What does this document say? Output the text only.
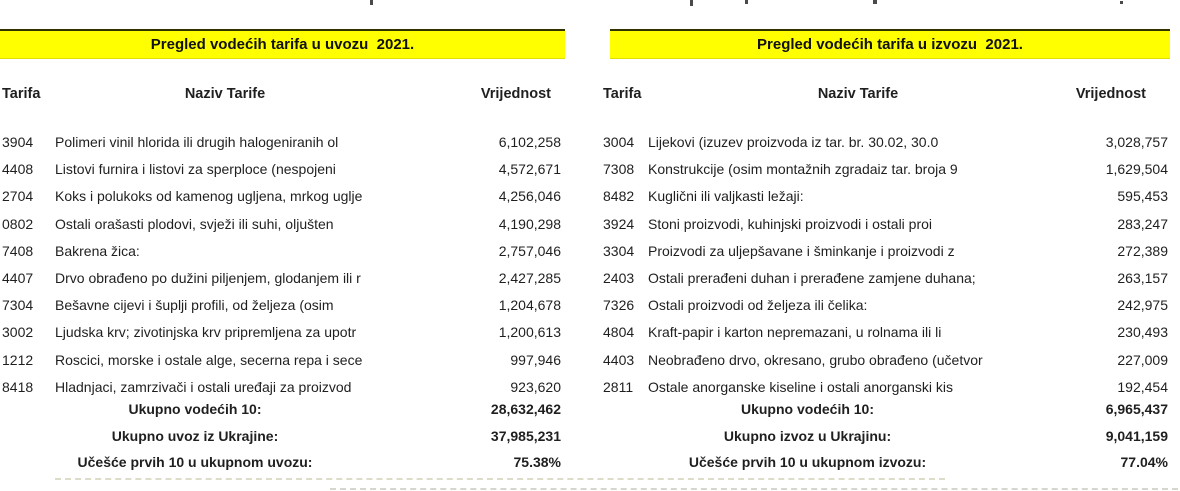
Pregled vodećih tarifa u uvozu  2021.
Tarifa	Naziv Tarife	Vrijednost
3904	Polimeri vinil hlorida ili drugih halogeniranih ol	6,102,258
4408	Listovi furnira i listovi za sperploce (nespojeni	4,572,671
2704	Koks i polukoks od kamenog ugljena, mrkog uglje	4,256,046
0802	Ostali orašasti plodovi, svježi ili suhi, oljušten	4,190,298
7408	Bakrena žica:	2,757,046
4407	Drvo obrađeno po dužini piljenjem, glodanjem ili r	2,427,285
7304	Bešavne cijevi i šuplji profili, od željeza (osim	1,204,678
3002	Ljudska krv; zivotinjska krv pripremljena za upotr	1,200,613
1212	Roscici, morske i ostale alge, secerna repa i sece	997,946
8418	Hladnjaci, zamrzivači i ostali uređaji za proizvod	923,620
Ukupno vodećih 10:	28,632,462
Ukupno uvoz iz Ukrajine:	37,985,231
Učešće prvih 10 u ukupnom uvozu:	75.38%
Pregled vodećih tarifa u izvozu  2021.
Tarifa	Naziv Tarife	Vrijednost
3004 Lijekovi (izuzev proizvoda iz tar. br. 30.02, 30.0	3,028,757
7308 Konstrukcije (osim montažnih zgradaiz tar. broja 9	1,629,504
8482 Kuglični ili valjkasti ležaji:	595,453
3924 Stoni proizvodi, kuhinjski proizvodi i ostali proi	283,247
3304 Proizvodi za uljepšavane i šminkanje i proizvodi z	272,389
2403 Ostali prerađeni duhan i prerađene zamjene duhana;	263,157
7326 Ostali proizvodi od željeza ili čelika:	242,975
4804 Kraft-papir i karton nepremazani, u rolnama ili li	230,493
4403 Neobrađeno drvo, okresano, grubo obrađeno (učetvor	227,009
2811	Ostale anorganske kiseline i ostali anorganski kis	192,454
Ukupno vodećih 10:	6,965,437
Ukupno izvoz u Ukrajinu:	9,041,159
Učešće prvih 10 u ukupnom izvozu:	77.04%
